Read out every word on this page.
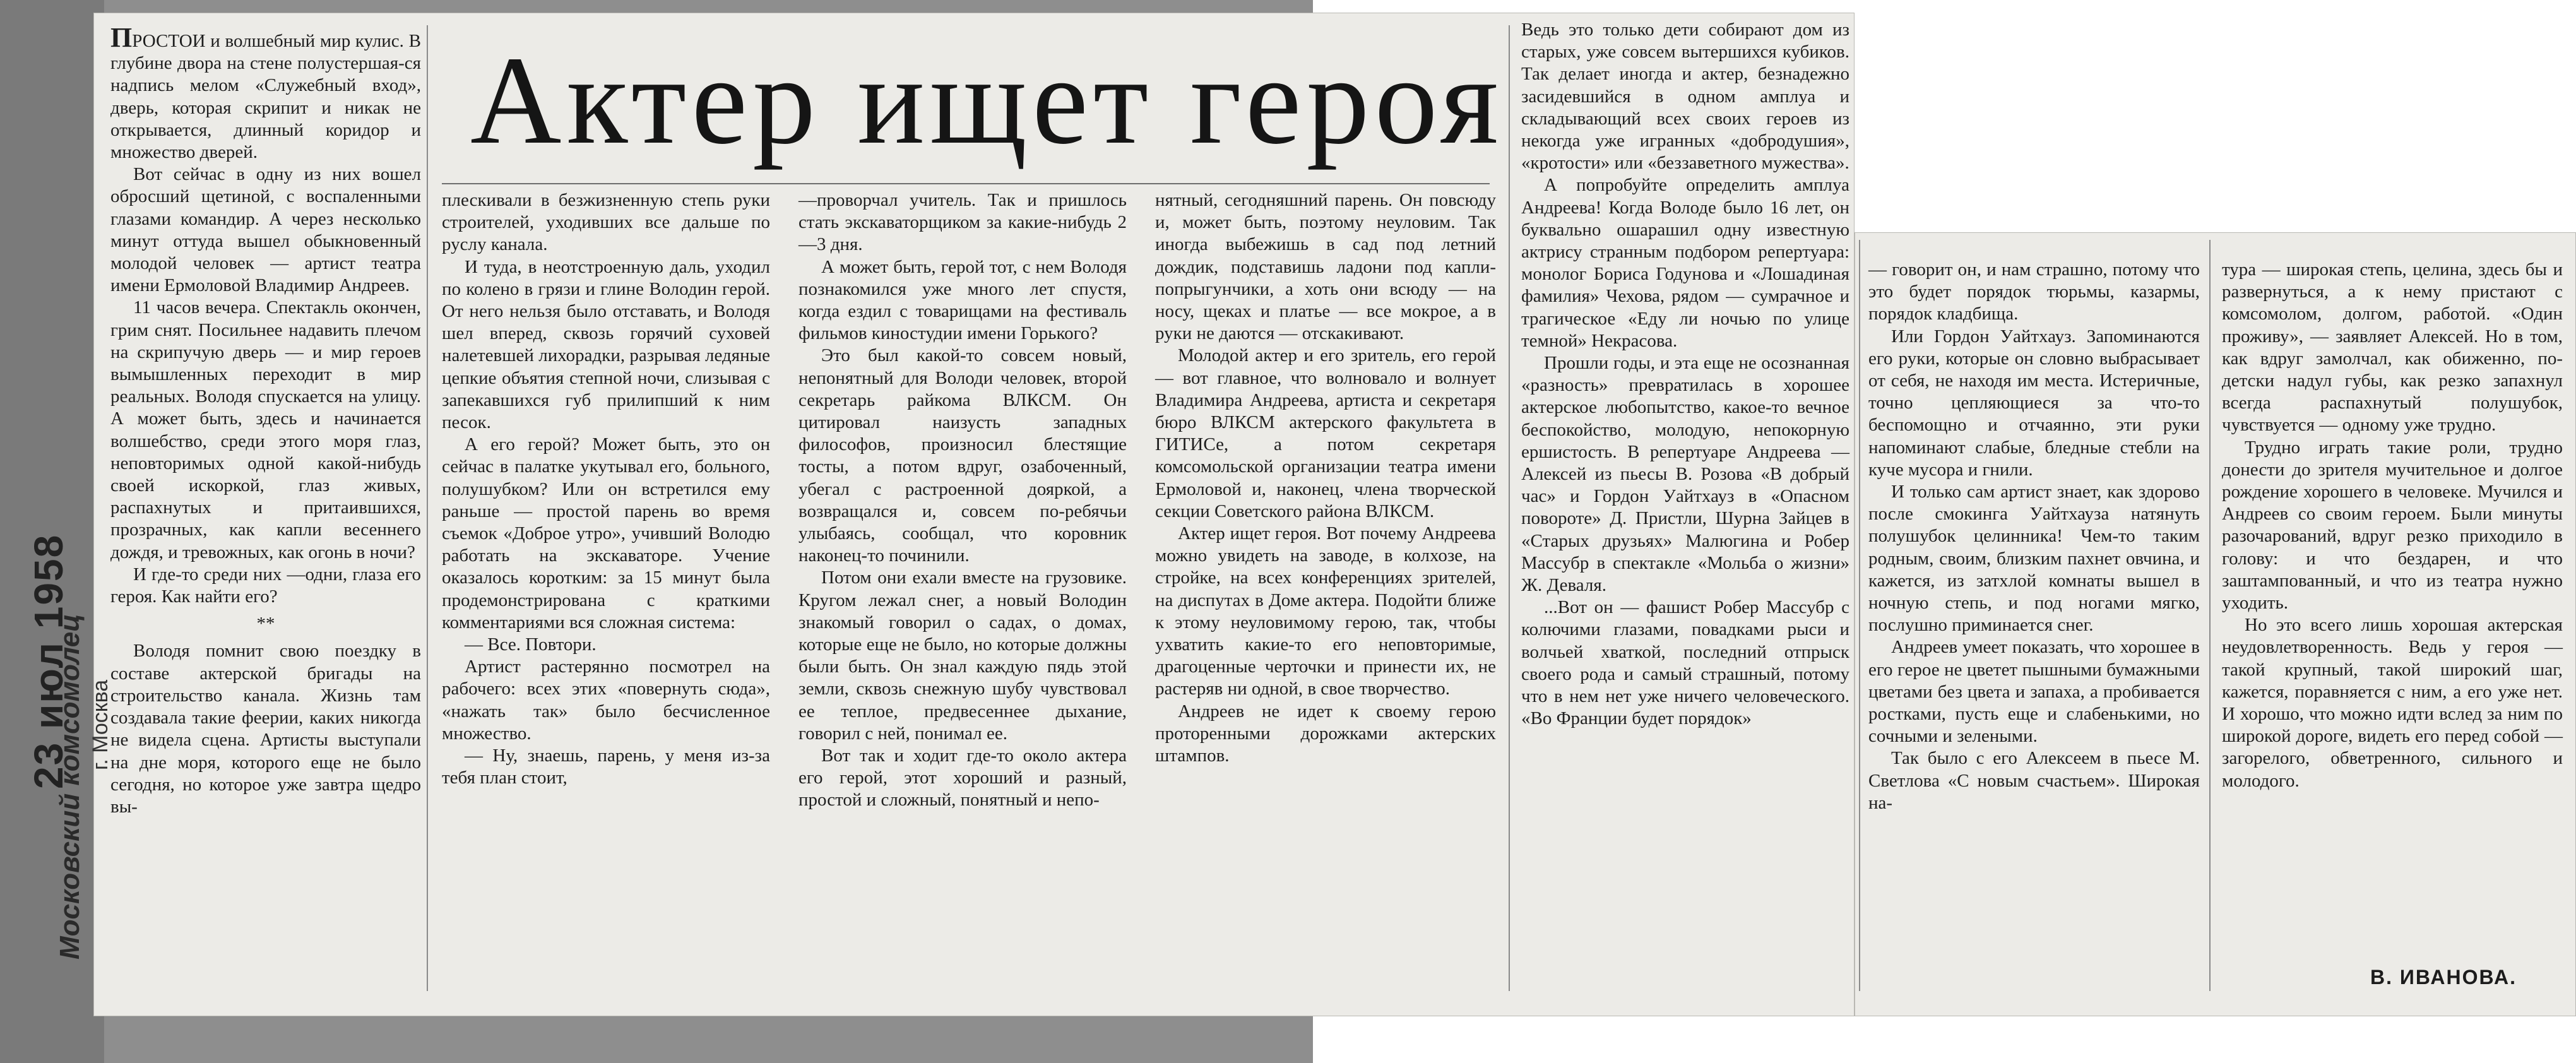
Московский комсомолец г. Москва
23 июл 1958
Актер ищет героя

ПРОСТОИ и волшебный мир кулис. В глубине двора на стене полустершая-ся надпись мелом «Служебный вход», дверь, которая скрипит и никак не открывается, длинный коридор и множество дверей.

Вот сейчас в одну из них вошел обросший щетиной, с воспаленными глазами командир. А через несколько минут оттуда вышел обыкновенный молодой человек — артист театра имени Ермоловой Владимир Андреев.

11 часов вечера. Спектакль окончен, грим снят. Посильнее надавить плечом на скрипучую дверь — и мир героев вымышленных переходит в мир реальных. Володя спускается на улицу. А может быть, здесь и начинается волшебство, среди этого моря глаз, неповторимых одной какой-нибудь своей искоркой, глаз живых, распахнутых и притаившихся, прозрачных, как капли весеннего дождя, и тревожных, как огонь в ночи?

И где-то среди них —одни, глаза его героя. Как найти его?

**

Володя помнит свою поездку в составе актерской бригады на строительство канала. Жизнь там создавала такие феерии, каких никогда не видела сцена. Артисты выступали на дне моря, которого еще не было сегодня, но которое уже завтра щедро вы-

плескивали в безжизненную степь руки строителей, уходивших все дальше по руслу канала.

И туда, в неотстроенную даль, уходил по колено в грязи и глине Володин герой. От него нельзя было отставать, и Володя шел вперед, сквозь горячий суховей налетевшей лихорадки, разрывая ледяные цепкие объятия степной ночи, слизывая с запекавшихся губ прилипший к ним песок.

А его герой? Может быть, это он сейчас в палатке укутывал его, больного, полушубком? Или он встретился ему раньше — простой парень во время съемок «Доброе утро», учивший Володю работать на экскаваторе. Учение оказалось коротким: за 15 минут была продемонстрирована с краткими комментариями вся сложная система:

— Все. Повтори.

Артист растерянно посмотрел на рабочего: всех этих «повернуть сюда», «нажать так» было бесчисленное множество.

— Ну, знаешь, парень, у меня из-за тебя план стоит,

—проворчал учитель. Так и пришлось стать экскаваторщиком за какие-нибудь 2—3 дня.

А может быть, герой тот, с нем Володя познакомился уже много лет спустя, когда ездил с товарищами на фестиваль фильмов киностудии имени Горького?

Это был какой-то совсем новый, непонятный для Володи человек, второй секретарь райкома ВЛКСМ. Он цитировал наизусть западных философов, произносил блестящие тосты, а потом вдруг, озабоченный, убегал с растроенной дояркой, а возвращался и, совсем по-ребячьи улыбаясь, сообщал, что коровник наконец-то починили.

Потом они ехали вместе на грузовике. Кругом лежал снег, а новый Володин знакомый говорил о садах, о домах, которые еще не было, но которые должны были быть. Он знал каждую пядь этой земли, сквозь снежную шубу чувствовал ее теплое, предвесеннее дыхание, говорил с ней, понимал ее.

Вот так и ходит где-то около актера его герой, этот хороший и разный, простой и сложный, понятный и непо-

нятный, сегодняшний парень. Он повсюду и, может быть, поэтому неуловим. Так иногда выбежишь в сад под летний дождик, подставишь ладони под капли-попрыгунчики, а хоть они всюду — на носу, щеках и платье — все мокрое, а в руки не даются — отскакивают.

Молодой актер и его зритель, его герой — вот главное, что волновало и волнует Владимира Андреева, артиста и секретаря бюро ВЛКСМ актерского факультета в ГИТИСе, а потом секретаря комсомольской организации театра имени Ермоловой и, наконец, члена творческой секции Советского района ВЛКСМ.

Актер ищет героя. Вот почему Андреева можно увидеть на заводе, в колхозе, на стройке, на всех конференциях зрителей, на диспутах в Доме актера. Подойти ближе к этому неуловимому герою, так, чтобы ухватить какие-то его неповторимые, драгоценные черточки и принести их, не растеряв ни одной, в свое творчество.

Андреев не идет к своему герою протоpенными дорожками актерских штампов.

Ведь это только дети собирают дом из старых, уже совсем вытершихся кубиков. Так делает иногда и актер, безнадежно засидевшийся в одном амплуа и складывающий всех своих героев из некогда уже игранных «добродушия», «кротости» или «беззаветного мужества».

А попробуйте определить амплуа Андреева! Когда Володе было 16 лет, он буквально ошарашил одну известную актрису странным подбором репертуара: монолог Бориса Годунова и «Лошадиная фамилия» Чехова, рядом — сумрачное и трагическое «Еду ли ночью по улице темной» Некрасова.

Прошли годы, и эта еще не осознанная «разность» превратилась в хорошее актерское любопытство, какое-то вечное беспокойство, молодую, непокорную ершистость. В репертуаре Андреева — Алексей из пьесы В. Розова «В добрый час» и Гордон Уайтхауз в «Опасном повороте» Д. Пристли, Шурна Зайцев в «Старых друзьях» Малюгина и Робер Массубр в спектакле «Мольба о жизни» Ж. Деваля.

...Вот он — фашист Робер Массубр с колючими глазами, повадками рыси и волчьей хваткой, последний отпрыск своего рода и самый страшный, потому что в нем нет уже ничего человеческого. «Во Франции будет порядок»

— говорит он, и нам страшно, потому что это будет порядок тюрьмы, казармы, порядок кладбища.

Или Гордон Уайтхауз. Запоминаются его руки, которые он словно выбрасывает от себя, не находя им места. Истеричные, точно цепляющиеся за что-то беспомощно и отчаянно, эти руки напоминают слабые, бледные стебли на куче мусора и гнили.

И только сам артист знает, как здорово после смокинга Уайтхауза натянуть полушубок целинника! Чем-то таким родным, своим, близким пахнет овчина, и кажется, из затхлой комнаты вышел в ночную степь, и под ногами мягко, послушно приминается снег.

Андреев умеет показать, что хорошее в его герое не цветет пышными бумажными цветами без цвета и запаха, а пробивается ростками, пусть еще и слабенькими, но сочными и зелеными.

Так было с его Алексеем в пьесе М. Светлова «С новым счастьем». Широкая на-

тура — широкая степь, целина, здесь бы и развернуться, а к нему пристают с комсомолом, долгом, работой. «Один проживу», — заявляет Алексей. Но в том, как вдруг замолчал, как обиженно, по-детски надул губы, как резко запахнул всегда распахнутый полушубок, чувствуется — одному уже трудно.

Трудно играть такие роли, трудно донести до зрителя мучительное и долгое рождение хорошего в человеке. Мучился и Андреев со своим героем. Были минуты разочарований, вдруг резко приходило в голову: и что бездарен, и что заштампованный, и что из театра нужно уходить.

Но это всего лишь хорошая актерская неудовлетворенность. Ведь у героя — такой крупный, такой широкий шаг, кажется, поравняется с ним, а его уже нет. И хорошо, что можно идти вслед за ним по широкой дороге, видеть его перед собой — загорелого, обветренного, сильного и молодого.

В. ИВАНОВА.
